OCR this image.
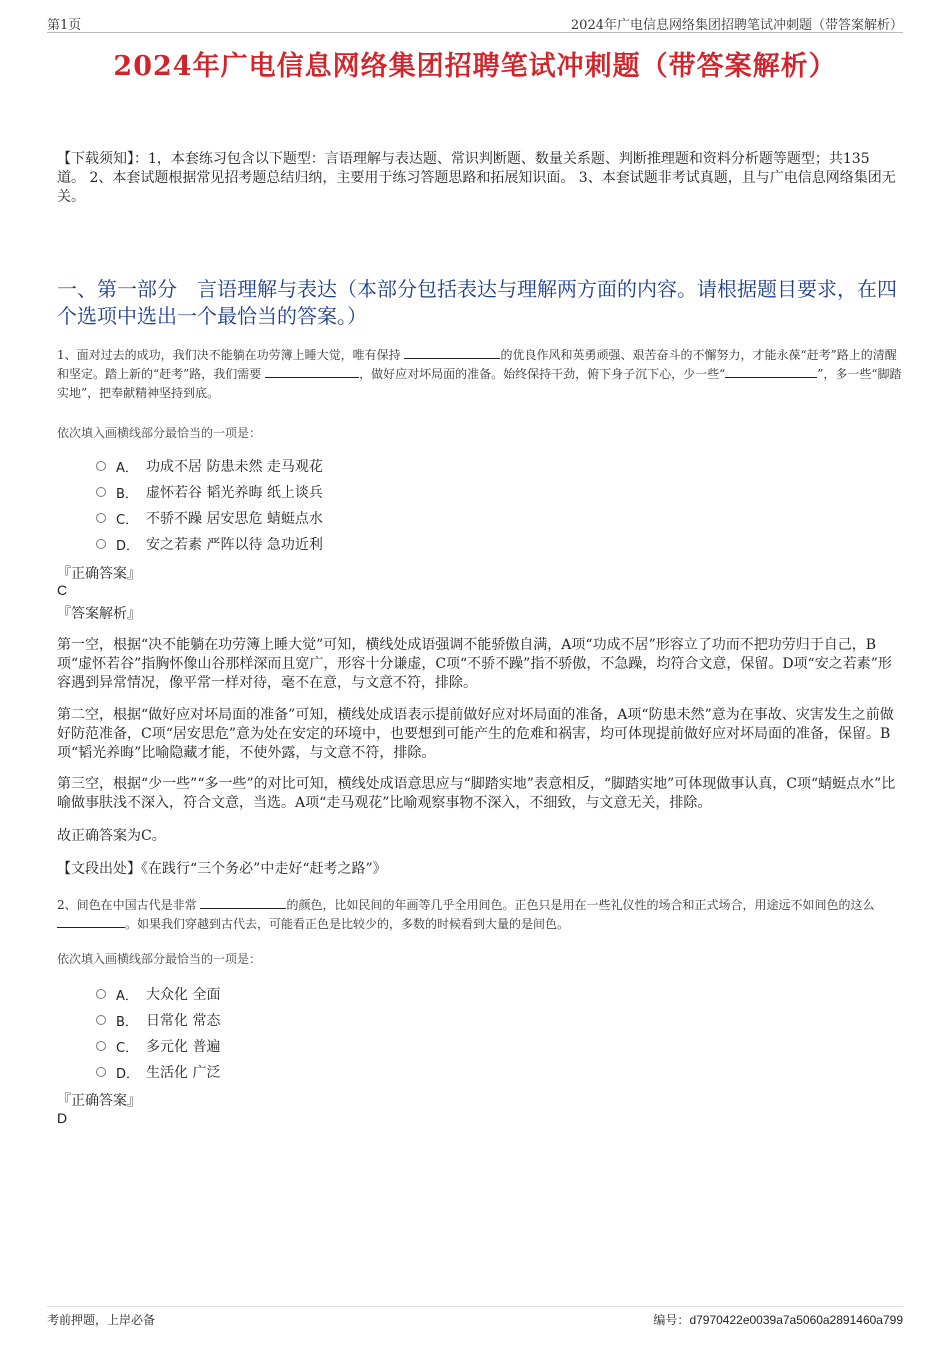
第1页	2024年广电信息网络集团招聘笔试冲刺题（带答案解析）
2024年广电信息网络集团招聘笔试冲刺题（带答案解析）
【下载须知】：1，本套练习包含以下题型：言语理解与表达题、常识判断题、数量关系题、判断推理题和资料分析题等题型；共135道。 2、本套试题根据常见招考题总结归纳，主要用于练习答题思路和拓展知识面。 3、本套试题非考试真题，且与广电信息网络集团无关。
一、第一部分　言语理解与表达（本部分包括表达与理解两方面的内容。请根据题目要求，在四个选项中选出一个最恰当的答案。）
1、面对过去的成功，我们决不能躺在功劳簿上睡大觉，唯有保持	的优良作风和英勇顽强、艰苦奋斗的不懈努力，才能永葆“赶考”路上的清醒和坚定。踏上新的“赶考”路，我们需要	，做好应对坏局面的准备。始终保持干劲，俯下身子沉下心，少一些“	”，多一些“脚踏实地”，把奉献精神坚持到底。
依次填入画横线部分最恰当的一项是：
A． 功成不居 防患未然 走马观花
B． 虚怀若谷 韬光养晦 纸上谈兵
C． 不骄不躁 居安思危 蜻蜓点水
D． 安之若素 严阵以待 急功近利
『正确答案』
C
『答案解析』
第一空，根据“决不能躺在功劳簿上睡大觉”可知，横线处成语强调不能骄傲自满，A项“功成不居”形容立了功而不把功劳归于自己，B项“虚怀若谷”指胸怀像山谷那样深而且宽广，形容十分谦虚，C项“不骄不躁”指不骄傲，不急躁，均符合文意，保留。D项“安之若素”形容遇到异常情况，像平常一样对待，毫不在意，与文意不符，排除。
第二空，根据“做好应对坏局面的准备”可知，横线处成语表示提前做好应对坏局面的准备，A项“防患未然”意为在事故、灾害发生之前做好防范准备，C项“居安思危”意为处在安定的环境中，也要想到可能产生的危难和祸害，均可体现提前做好应对坏局面的准备，保留。B项“韬光养晦”比喻隐藏才能，不使外露，与文意不符，排除。
第三空，根据“少一些”“多一些”的对比可知，横线处成语意思应与“脚踏实地”表意相反，“脚踏实地”可体现做事认真，C项“蜻蜓点水”比喻做事肤浅不深入，符合文意，当选。A项“走马观花”比喻观察事物不深入，不细致，与文意无关，排除。
故正确答案为C。
【文段出处】《在践行“三个务必”中走好“赶考之路”》
2、间色在中国古代是非常	的颜色，比如民间的年画等几乎全用间色。正色只是用在一些礼仪性的场合和正式场合，用途远不如间色的这么 。如果我们穿越到古代去，可能看正色是比较少的，多数的时候看到大量的是间色。
依次填入画横线部分最恰当的一项是：
A． 大众化 全面
B． 日常化 常态
C． 多元化 普遍
D． 生活化 广泛
『正确答案』
D
考前押题，上岸必备	编号：d7970422e0039a7a5060a2891460a799
